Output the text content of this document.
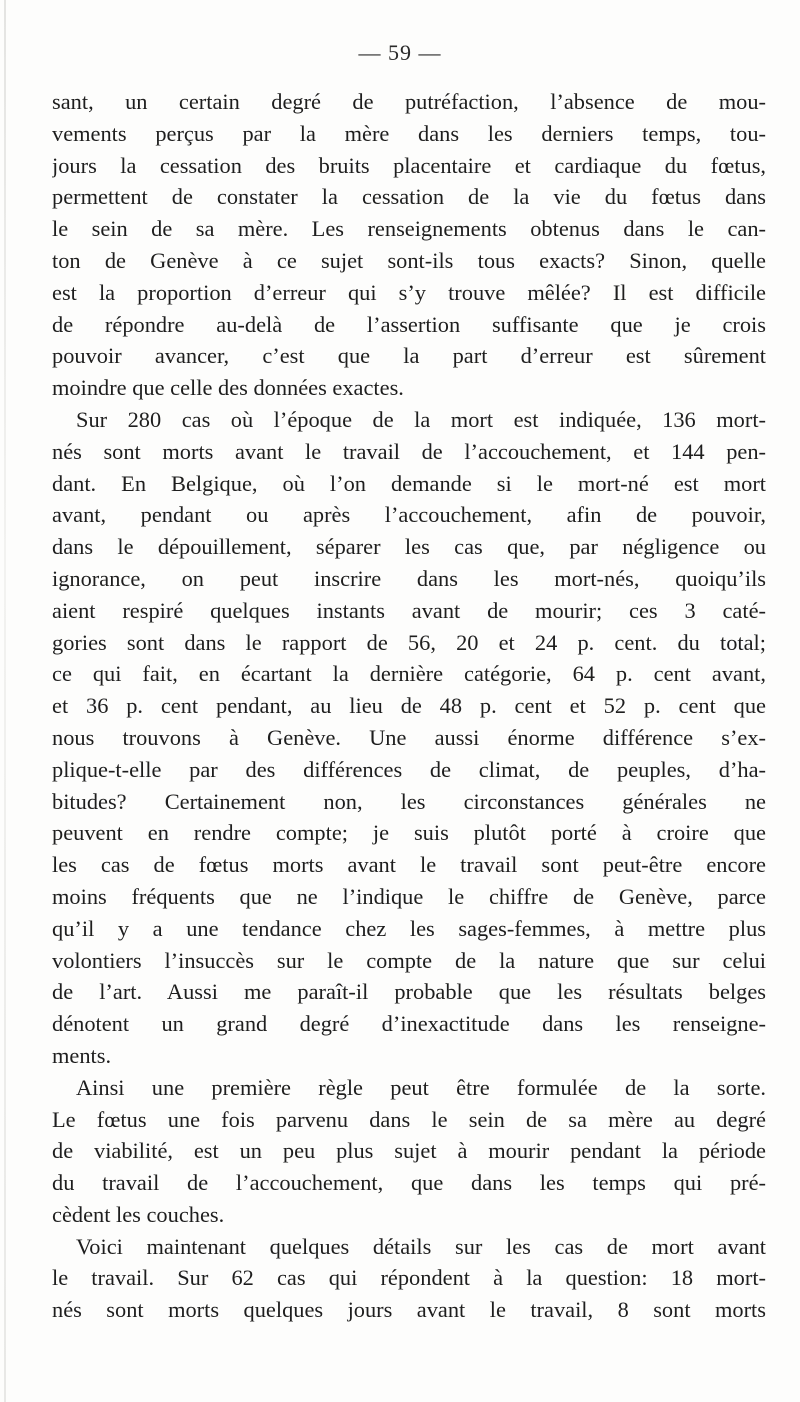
— 59 —
sant, un certain degré de putréfaction, l’absence de mou-
vements perçus par la mère dans les derniers temps, tou-
jours la cessation des bruits placentaire et cardiaque du fœtus,
permettent de constater la cessation de la vie du fœtus dans
le sein de sa mère. Les renseignements obtenus dans le can-
ton de Genève à ce sujet sont-ils tous exacts? Sinon, quelle
est la proportion d’erreur qui s’y trouve mêlée? Il est difficile
de répondre au-delà de l’assertion suffisante que je crois
pouvoir avancer, c’est que la part d’erreur est sûrement
moindre que celle des données exactes.
Sur 280 cas où l’époque de la mort est indiquée, 136 mort-
nés sont morts avant le travail de l’accouchement, et 144 pen-
dant. En Belgique, où l’on demande si le mort-né est mort
avant, pendant ou après l’accouchement, afin de pouvoir,
dans le dépouillement, séparer les cas que, par négligence ou
ignorance, on peut inscrire dans les mort-nés, quoiqu’ils
aient respiré quelques instants avant de mourir; ces 3 caté-
gories sont dans le rapport de 56, 20 et 24 p. cent. du total;
ce qui fait, en écartant la dernière catégorie, 64 p. cent avant,
et 36 p. cent pendant, au lieu de 48 p. cent et 52 p. cent que
nous trouvons à Genève. Une aussi énorme différence s’ex-
plique-t-elle par des différences de climat, de peuples, d’ha-
bitudes? Certainement non, les circonstances générales ne
peuvent en rendre compte; je suis plutôt porté à croire que
les cas de fœtus morts avant le travail sont peut-être encore
moins fréquents que ne l’indique le chiffre de Genève, parce
qu’il y a une tendance chez les sages-femmes, à mettre plus
volontiers l’insuccès sur le compte de la nature que sur celui
de l’art. Aussi me paraît-il probable que les résultats belges
dénotent un grand degré d’inexactitude dans les renseigne-
ments.
Ainsi une première règle peut être formulée de la sorte.
Le fœtus une fois parvenu dans le sein de sa mère au degré
de viabilité, est un peu plus sujet à mourir pendant la période
du travail de l’accouchement, que dans les temps qui pré-
cèdent les couches.
Voici maintenant quelques détails sur les cas de mort avant
le travail. Sur 62 cas qui répondent à la question: 18 mort-
nés sont morts quelques jours avant le travail, 8 sont morts
